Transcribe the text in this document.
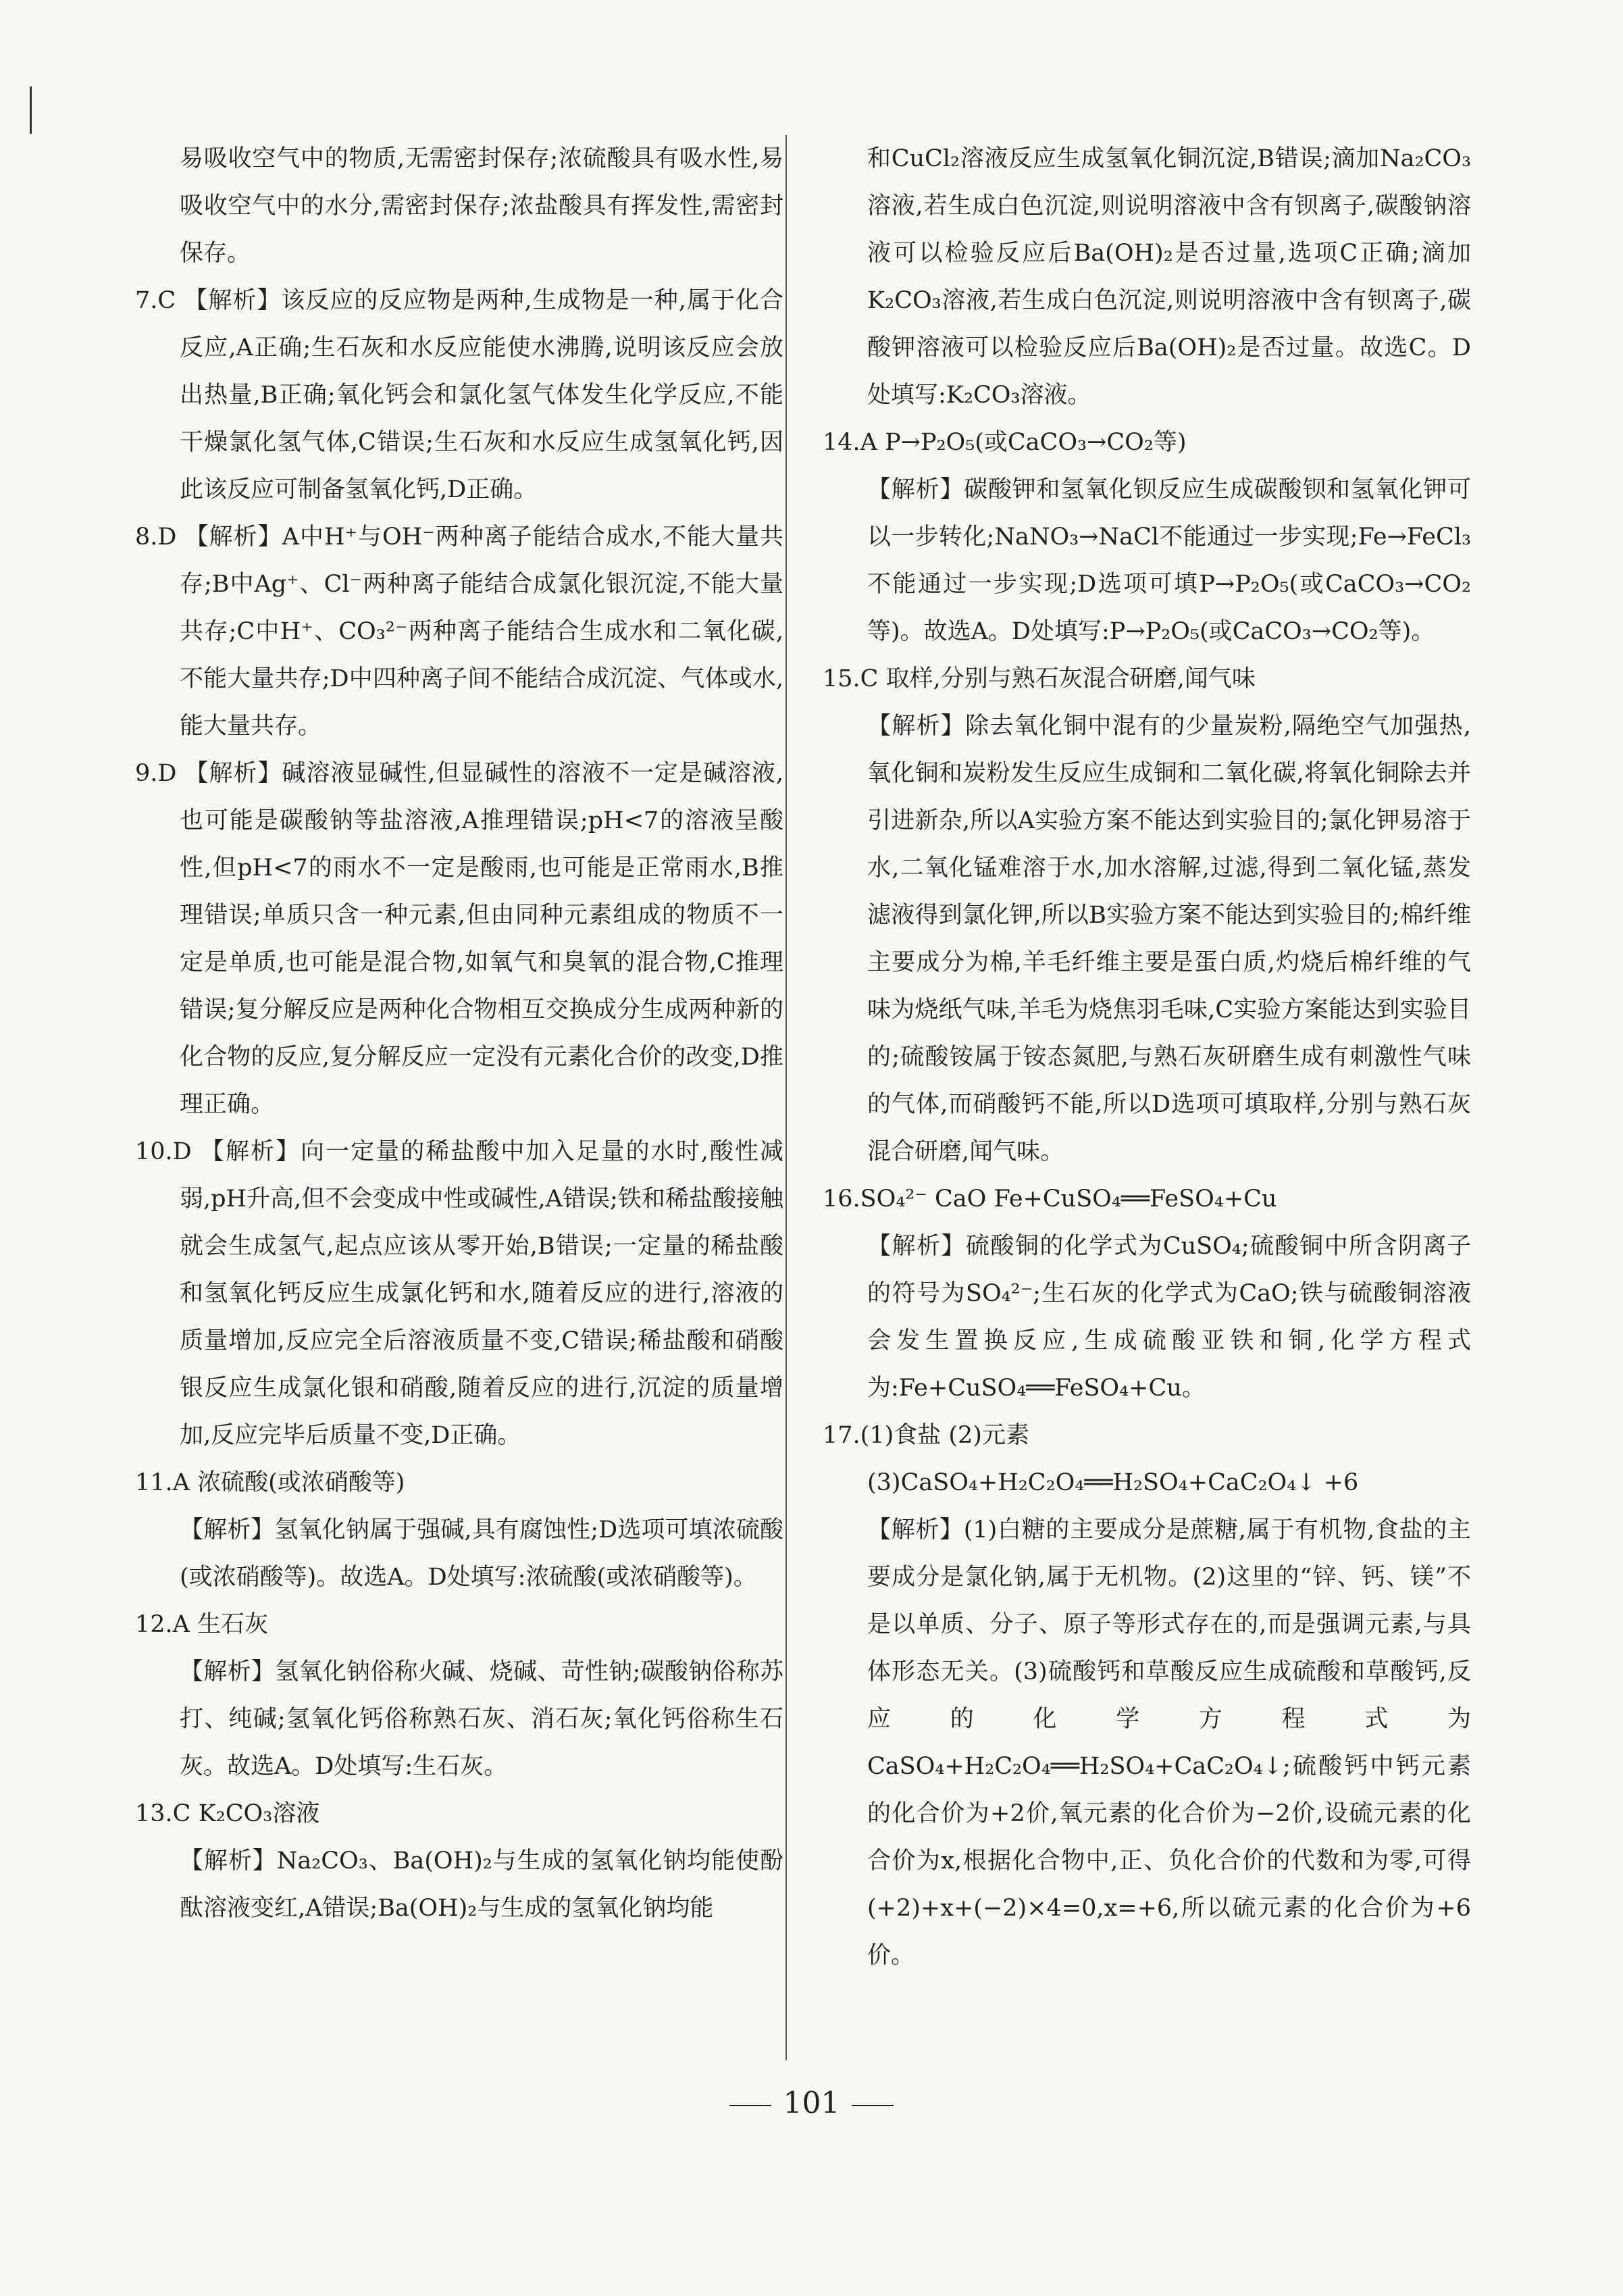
易吸收空气中的物质,无需密封保存;浓硫酸具有吸水性,易吸收空气中的水分,需密封保存;浓盐酸具有挥发性,需密封保存。

7.C 【解析】该反应的反应物是两种,生成物是一种,属于化合反应,A正确;生石灰和水反应能使水沸腾,说明该反应会放出热量,B正确;氧化钙会和氯化氢气体发生化学反应,不能干燥氯化氢气体,C错误;生石灰和水反应生成氢氧化钙,因此该反应可制备氢氧化钙,D正确。

8.D 【解析】A中H⁺与OH⁻两种离子能结合成水,不能大量共存;B中Ag⁺、Cl⁻两种离子能结合成氯化银沉淀,不能大量共存;C中H⁺、CO₃²⁻两种离子能结合生成水和二氧化碳,不能大量共存;D中四种离子间不能结合成沉淀、气体或水,能大量共存。

9.D 【解析】碱溶液显碱性,但显碱性的溶液不一定是碱溶液,也可能是碳酸钠等盐溶液,A推理错误;pH<7的溶液呈酸性,但pH<7的雨水不一定是酸雨,也可能是正常雨水,B推理错误;单质只含一种元素,但由同种元素组成的物质不一定是单质,也可能是混合物,如氧气和臭氧的混合物,C推理错误;复分解反应是两种化合物相互交换成分生成两种新的化合物的反应,复分解反应一定没有元素化合价的改变,D推理正确。

10.D 【解析】向一定量的稀盐酸中加入足量的水时,酸性减弱,pH升高,但不会变成中性或碱性,A错误;铁和稀盐酸接触就会生成氢气,起点应该从零开始,B错误;一定量的稀盐酸和氢氧化钙反应生成氯化钙和水,随着反应的进行,溶液的质量增加,反应完全后溶液质量不变,C错误;稀盐酸和硝酸银反应生成氯化银和硝酸,随着反应的进行,沉淀的质量增加,反应完毕后质量不变,D正确。

11.A 浓硫酸(或浓硝酸等)

【解析】氢氧化钠属于强碱,具有腐蚀性;D选项可填浓硫酸(或浓硝酸等)。故选A。D处填写:浓硫酸(或浓硝酸等)。

12.A 生石灰

【解析】氢氧化钠俗称火碱、烧碱、苛性钠;碳酸钠俗称苏打、纯碱;氢氧化钙俗称熟石灰、消石灰;氧化钙俗称生石灰。故选A。D处填写:生石灰。

13.C K₂CO₃溶液

【解析】Na₂CO₃、Ba(OH)₂与生成的氢氧化钠均能使酚酞溶液变红,A错误;Ba(OH)₂与生成的氢氧化钠均能

和CuCl₂溶液反应生成氢氧化铜沉淀,B错误;滴加Na₂CO₃溶液,若生成白色沉淀,则说明溶液中含有钡离子,碳酸钠溶液可以检验反应后Ba(OH)₂是否过量,选项C正确;滴加K₂CO₃溶液,若生成白色沉淀,则说明溶液中含有钡离子,碳酸钾溶液可以检验反应后Ba(OH)₂是否过量。故选C。D处填写:K₂CO₃溶液。

14.A P→P₂O₅(或CaCO₃→CO₂等)

【解析】碳酸钾和氢氧化钡反应生成碳酸钡和氢氧化钾可以一步转化;NaNO₃→NaCl不能通过一步实现;Fe→FeCl₃不能通过一步实现;D选项可填P→P₂O₅(或CaCO₃→CO₂等)。故选A。D处填写:P→P₂O₅(或CaCO₃→CO₂等)。

15.C 取样,分别与熟石灰混合研磨,闻气味

【解析】除去氧化铜中混有的少量炭粉,隔绝空气加强热,氧化铜和炭粉发生反应生成铜和二氧化碳,将氧化铜除去并引进新杂,所以A实验方案不能达到实验目的;氯化钾易溶于水,二氧化锰难溶于水,加水溶解,过滤,得到二氧化锰,蒸发滤液得到氯化钾,所以B实验方案不能达到实验目的;棉纤维主要成分为棉,羊毛纤维主要是蛋白质,灼烧后棉纤维的气味为烧纸气味,羊毛为烧焦羽毛味,C实验方案能达到实验目的;硫酸铵属于铵态氮肥,与熟石灰研磨生成有刺激性气味的气体,而硝酸钙不能,所以D选项可填取样,分别与熟石灰混合研磨,闻气味。

16.SO₄²⁻ CaO Fe+CuSO₄══FeSO₄+Cu

【解析】硫酸铜的化学式为CuSO₄;硫酸铜中所含阴离子的符号为SO₄²⁻;生石灰的化学式为CaO;铁与硫酸铜溶液会发生置换反应,生成硫酸亚铁和铜,化学方程式为:Fe+CuSO₄══FeSO₄+Cu。

17.(1)食盐 (2)元素

(3)CaSO₄+H₂C₂O₄══H₂SO₄+CaC₂O₄↓ +6

【解析】(1)白糖的主要成分是蔗糖,属于有机物,食盐的主要成分是氯化钠,属于无机物。(2)这里的“锌、钙、镁”不是以单质、分子、原子等形式存在的,而是强调元素,与具体形态无关。(3)硫酸钙和草酸反应生成硫酸和草酸钙,反应的化学方程式为CaSO₄+H₂C₂O₄══H₂SO₄+CaC₂O₄↓;硫酸钙中钙元素的化合价为+2价,氧元素的化合价为−2价,设硫元素的化合价为x,根据化合物中,正、负化合价的代数和为零,可得(+2)+x+(−2)×4=0,x=+6,所以硫元素的化合价为+6价。

101
